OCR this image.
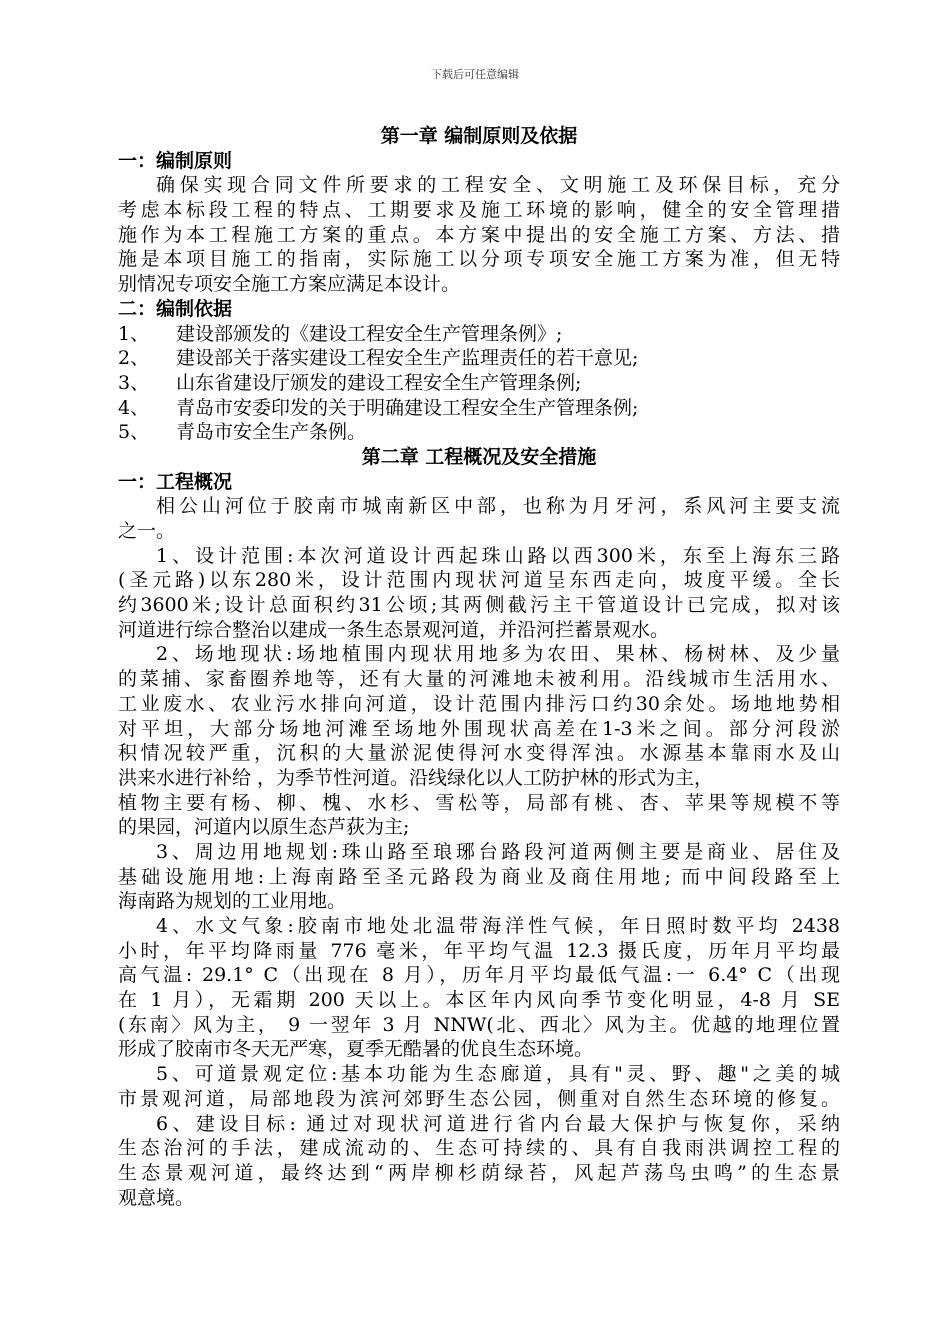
下载后可任意编辑
第一章 编制原则及依据
一：编制原则
确保实现合同文件所要求的工程安全、文明施工及环保目标，充分
考虑本标段工程的特点、工期要求及施工环境的影响，健全的安全管理措
施作为本工程施工方案的重点。本方案中提出的安全施工方案、方法、措
施是本项目施工的指南，实际施工以分项专项安全施工方案为准，但无特
别情况专项安全施工方案应满足本设计。
二：编制依据
1、 建设部颁发的《建设工程安全生产管理条例》;
2、 建设部关于落实建设工程安全生产监理责任的若干意见;
3、 山东省建设厅颁发的建设工程安全生产管理条例;
4、 青岛市安委印发的关于明确建设工程安全生产管理条例;
5、 青岛市安全生产条例。
第二章 工程概况及安全措施
一：工程概况
相公山河位于胶南市城南新区中部，也称为月牙河，系风河主要支流
之一。
1、设计范围:本次河道设计西起珠山路以西300米，东至上海东三路
(圣元路)以东280米，设计范围内现状河道呈东西走向，坡度平缓。全长
约3600米;设计总面积约31公顷;其两侧截污主干管道设计已完成，拟对该
河道进行综合整治以建成一条生态景观河道，并沿河拦蓄景观水。
2、场地现状:场地植围内现状用地多为农田、果林、杨树林、及少量
的菜捕、家畜圈养地等，还有大量的河滩地未被利用。沿线城市生活用水、
工业废水、农业污水排向河道，设计范围内排污口约30余处。场地地势相
对平坦，大部分场地河滩至场地外围现状高差在1-3米之间。部分河段淤
积情况较严重，沉积的大量淤泥使得河水变得浑浊。水源基本靠雨水及山
洪来水进行补给 ，为季节性河道。沿线绿化以人工防护林的形式为主，
植物主要有杨、柳、槐、水杉、雪松等，局部有桃、杏、苹果等规模不等
的果园，河道内以原生态芦荻为主;
3、周边用地规划:珠山路至琅琊台路段河道两侧主要是商业、居住及
基础设施用地:上海南路至圣元路段为商业及商住用地; 而中间段路至上
海南路为规划的工业用地。
4、水文气象:胶南市地处北温带海洋性气候，年日照时数平均 2438
小时，年平均降雨量 776 毫米，年平均气温 12.3 摄氏度，历年月平均最
高气温: 29.1° C（出现在 8 月），历年月平均最低气温:一 6.4° C（出现
在 1 月），无霜期 200 天以上。本区年内风向季节变化明显，4-8 月 SE
(东南〉风为主， 9 一翌年 3 月 NNW(北、西北〉风为主。优越的地理位置
形成了胶南市冬天无严寒，夏季无酷暑的优良生态环境。
5、可道景观定位:基本功能为生态廊道，具有"灵、野、趣"之美的城
市景观河道，局部地段为滨河郊野生态公园，侧重对自然生态环境的修复。
6、建设目标: 通过对现状河道进行省内台最大保护与恢复你，采纳
生态治河的手法，建成流动的、生态可持续的、具有自我雨洪调控工程的
生态景观河道，最终达到“两岸柳杉荫绿苔，风起芦荡鸟虫鸣”的生态景
观意境。
